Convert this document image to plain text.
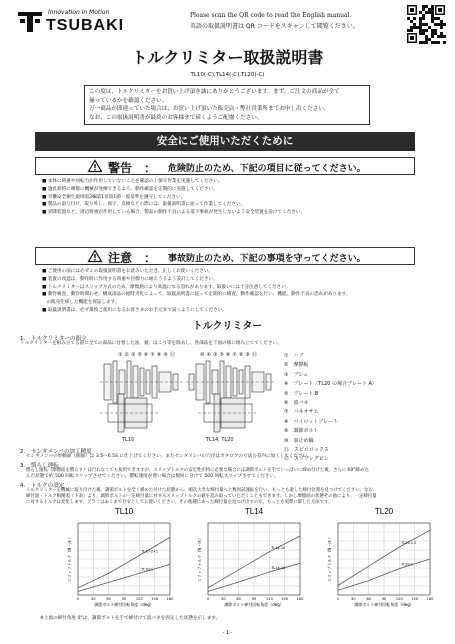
Innovation in Motion
TSUBAKI
Please scan the QR code to read the English manual.
英語の取扱説明書は QR コードをスキャンして閲覧ください。
トルクリミター取扱説明書
TL10(-C),TL14(-C),TL20(-C)
この度は、トルクリミターをお買い上げ頂き誠にありがとうございます。まず、ご注文の商品が全て
揃っているかを確認ください。
万一商品が間違っていた場合は、お買い上げ頂いた販売店・弊社営業所までお申し出ください。
なお、この取扱説明書が最終のお客様まで届くようご配慮ください。
安全にご使用いただくために
警告　： 危険防止のため、下記の項目に従ってください。
■ 本体に荷重や回転力が作用していないことを確認の上保守作業を実施してください。
■ 過負荷時に摩擦に機械が発揮できるよう、動作確認を定期的に実施してください。
■ 労働安全衛生規則第2編第1章第1節一般基準を遵守してください。
■ 製品の取り付け、取り外し、保守、点検などの際には、取扱説明書に従って作業してください。
■ 昇降装置など、周辺荷重が作用している場合、製品の動作不良による落下事故が発生しないよう安全装置を設けてください。
注意　： 事故防止のため、下記の事項を守ってください。
■ ご使用の前には必ずこの取扱説明書をお読みいただき、正しくお使いください。
■ 装置の改造は、動作時に作用する荷重や目標力に耐えうるよう設計してください。
■ トルクリミターはスリップ方式のため、摩擦熱により高温になる恐れがあります。取扱いには十分注意してください。
■ 動作検査、動作時間わせ、構成部品の経時劣化によって、取扱説明書に従って定期的に検査、動作確認を行い、機能、動作不良の恐れがあります。
の販売仕様した機能を保証します。
■ 取扱説明書は、必ず最終ご使用になるお客さまのお手元まで届くようにしてください。
トルクリミター
1.　トルクリミターの組立
トルクリミターを組み立てる前に全ての部品に付着した油、錆、ほこり等を除去し、各部品を下図の様に組み立ててください。
①②③⑤⑥⑦⑧⑨⑪	⑩④③⑤⑥⑦⑧⑨⑪
TL10	TL14, TL20
①　ハブ
②　摩擦板
③　ブシュ
④　プレート（TL20 の場合プレート A）
⑤　プレート B
⑥　皿バネ
⑦　バネオサエ
⑧　パイロットプレート
⑨　調節ボルト
⑩　皿止め輪
⑪　スピロロックス
⑫　スプリングピン
2.　センタメンバの加工精度
センタメンバの挙動面（側面）は 3.5〜6.5S に仕上げてください。またセンタメンバの穴径はカタログの寸法公差内に加工してください。
3.　慣らし運転
慣らし運転（摩擦面を慣らす）は行わなくても使用できますが、スリップトルクの安定性が特に必要な場合には調節ボルトを手でいっぱいに締め付けた後、さらに 60°締め込
んだ状態で約 500 回転スリップさせてください。慣転速度が遅い場合は数回に分けて 500 回転スリップさせてください。
4.　トルクの設定
トルクリミターを機械に取り付けた後、調節ボルトを全く緩めた付けた状態から、順次大きな締付量へと数回試運転を行い、もっとも適した締付位置を見つけてください。なお、
締付量 - トルク相関図（下表）より、調節ボルトの一定締付量に対するスリップトルクの値を読み取っていただくこともできます。しかし摩擦面の状態その他により、一定締付量
に対するトルクは変化します。グラフはあくまで目安としてお使いください、その他種にあった締付量を見つけ出すのが、もっとも実際に即した方法です。
TL10
0	30	60	90	120 150 180
調節ボルト締付回転角度（deg）
スリップトルク（N・m）	TL10-2×1
TL10-1
TL14
0	30	60	90	120 150 180
調節ボルト締付回転角度（deg）
スリップトルク（N・m）	TL14-1S
TL14-1S
TL20
0	30	60	90	120 150 180
調節ボルト締付回転角度（deg）
スリップトルク（N・m）	TL20-1.5
TL20-1
※上図の締付角度 0°は、調節ボルトを手で締付けて皿バネを固定した状態を示します。
- 1 -
